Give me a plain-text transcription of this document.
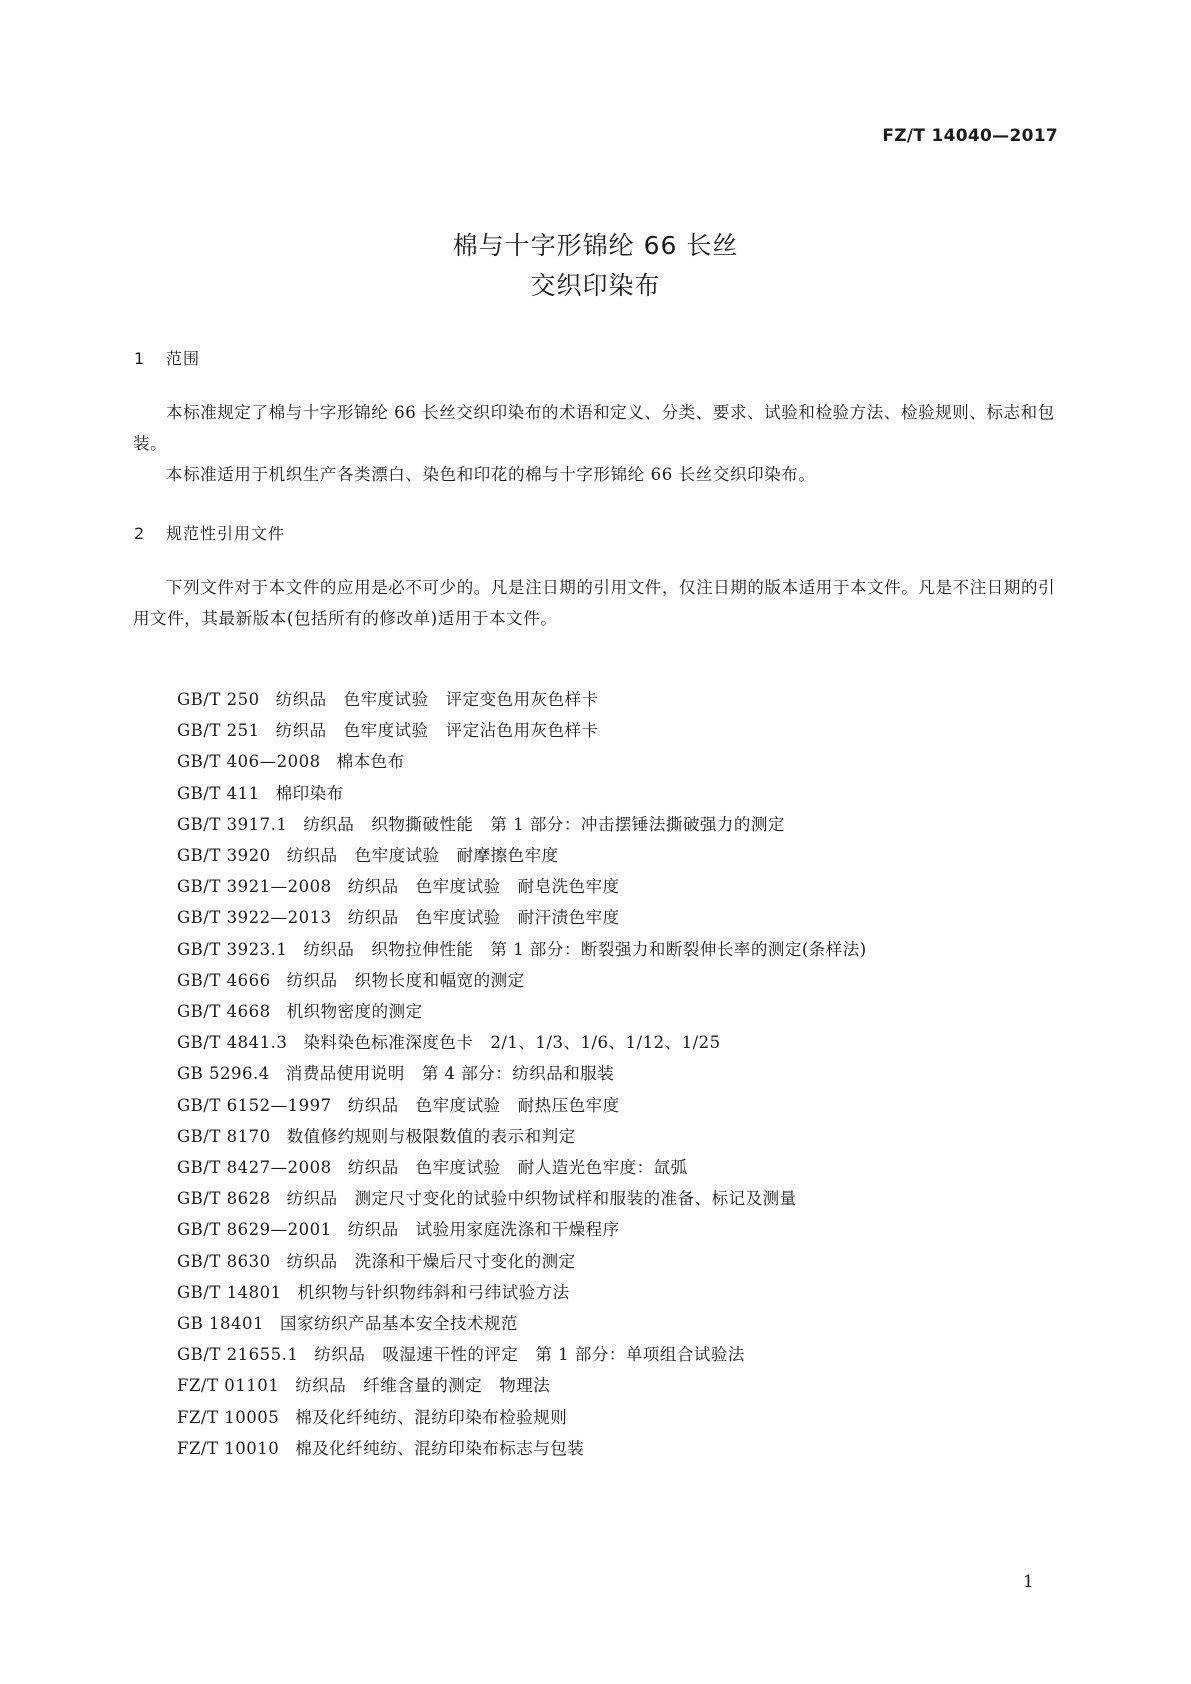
FZ/T 14040—2017
棉与十字形锦纶 66 长丝
交织印染布
1 范围

本标准规定了棉与十字形锦纶 66 长丝交织印染布的术语和定义、分类、要求、试验和检验方法、检验规则、标志和包装。

本标准适用于机织生产各类漂白、染色和印花的棉与十字形锦纶 66 长丝交织印染布。

2 规范性引用文件

下列文件对于本文件的应用是必不可少的。凡是注日期的引用文件，仅注日期的版本适用于本文件。凡是不注日期的引用文件，其最新版本(包括所有的修改单)适用于本文件。

GB/T 250 纺织品　色牢度试验　评定变色用灰色样卡
GB/T 251 纺织品　色牢度试验　评定沾色用灰色样卡
GB/T 406—2008 棉本色布
GB/T 411 棉印染布
GB/T 3917.1 纺织品　织物撕破性能　第 1 部分：冲击摆锤法撕破强力的测定
GB/T 3920 纺织品　色牢度试验　耐摩擦色牢度
GB/T 3921—2008 纺织品　色牢度试验　耐皂洗色牢度
GB/T 3922—2013 纺织品　色牢度试验　耐汗渍色牢度
GB/T 3923.1 纺织品　织物拉伸性能　第 1 部分：断裂强力和断裂伸长率的测定(条样法)
GB/T 4666 纺织品　织物长度和幅宽的测定
GB/T 4668 机织物密度的测定
GB/T 4841.3 染料染色标准深度色卡　2/1、1/3、1/6、1/12、1/25
GB 5296.4 消费品使用说明　第 4 部分：纺织品和服装
GB/T 6152—1997 纺织品　色牢度试验　耐热压色牢度
GB/T 8170 数值修约规则与极限数值的表示和判定
GB/T 8427—2008 纺织品　色牢度试验　耐人造光色牢度：氙弧
GB/T 8628 纺织品　测定尺寸变化的试验中织物试样和服装的准备、标记及测量
GB/T 8629—2001 纺织品　试验用家庭洗涤和干燥程序
GB/T 8630 纺织品　洗涤和干燥后尺寸变化的测定
GB/T 14801 机织物与针织物纬斜和弓纬试验方法
GB 18401 国家纺织产品基本安全技术规范
GB/T 21655.1 纺织品　吸湿速干性的评定　第 1 部分：单项组合试验法
FZ/T 01101 纺织品　纤维含量的测定　物理法
FZ/T 10005 棉及化纤纯纺、混纺印染布检验规则
FZ/T 10010 棉及化纤纯纺、混纺印染布标志与包装
1
